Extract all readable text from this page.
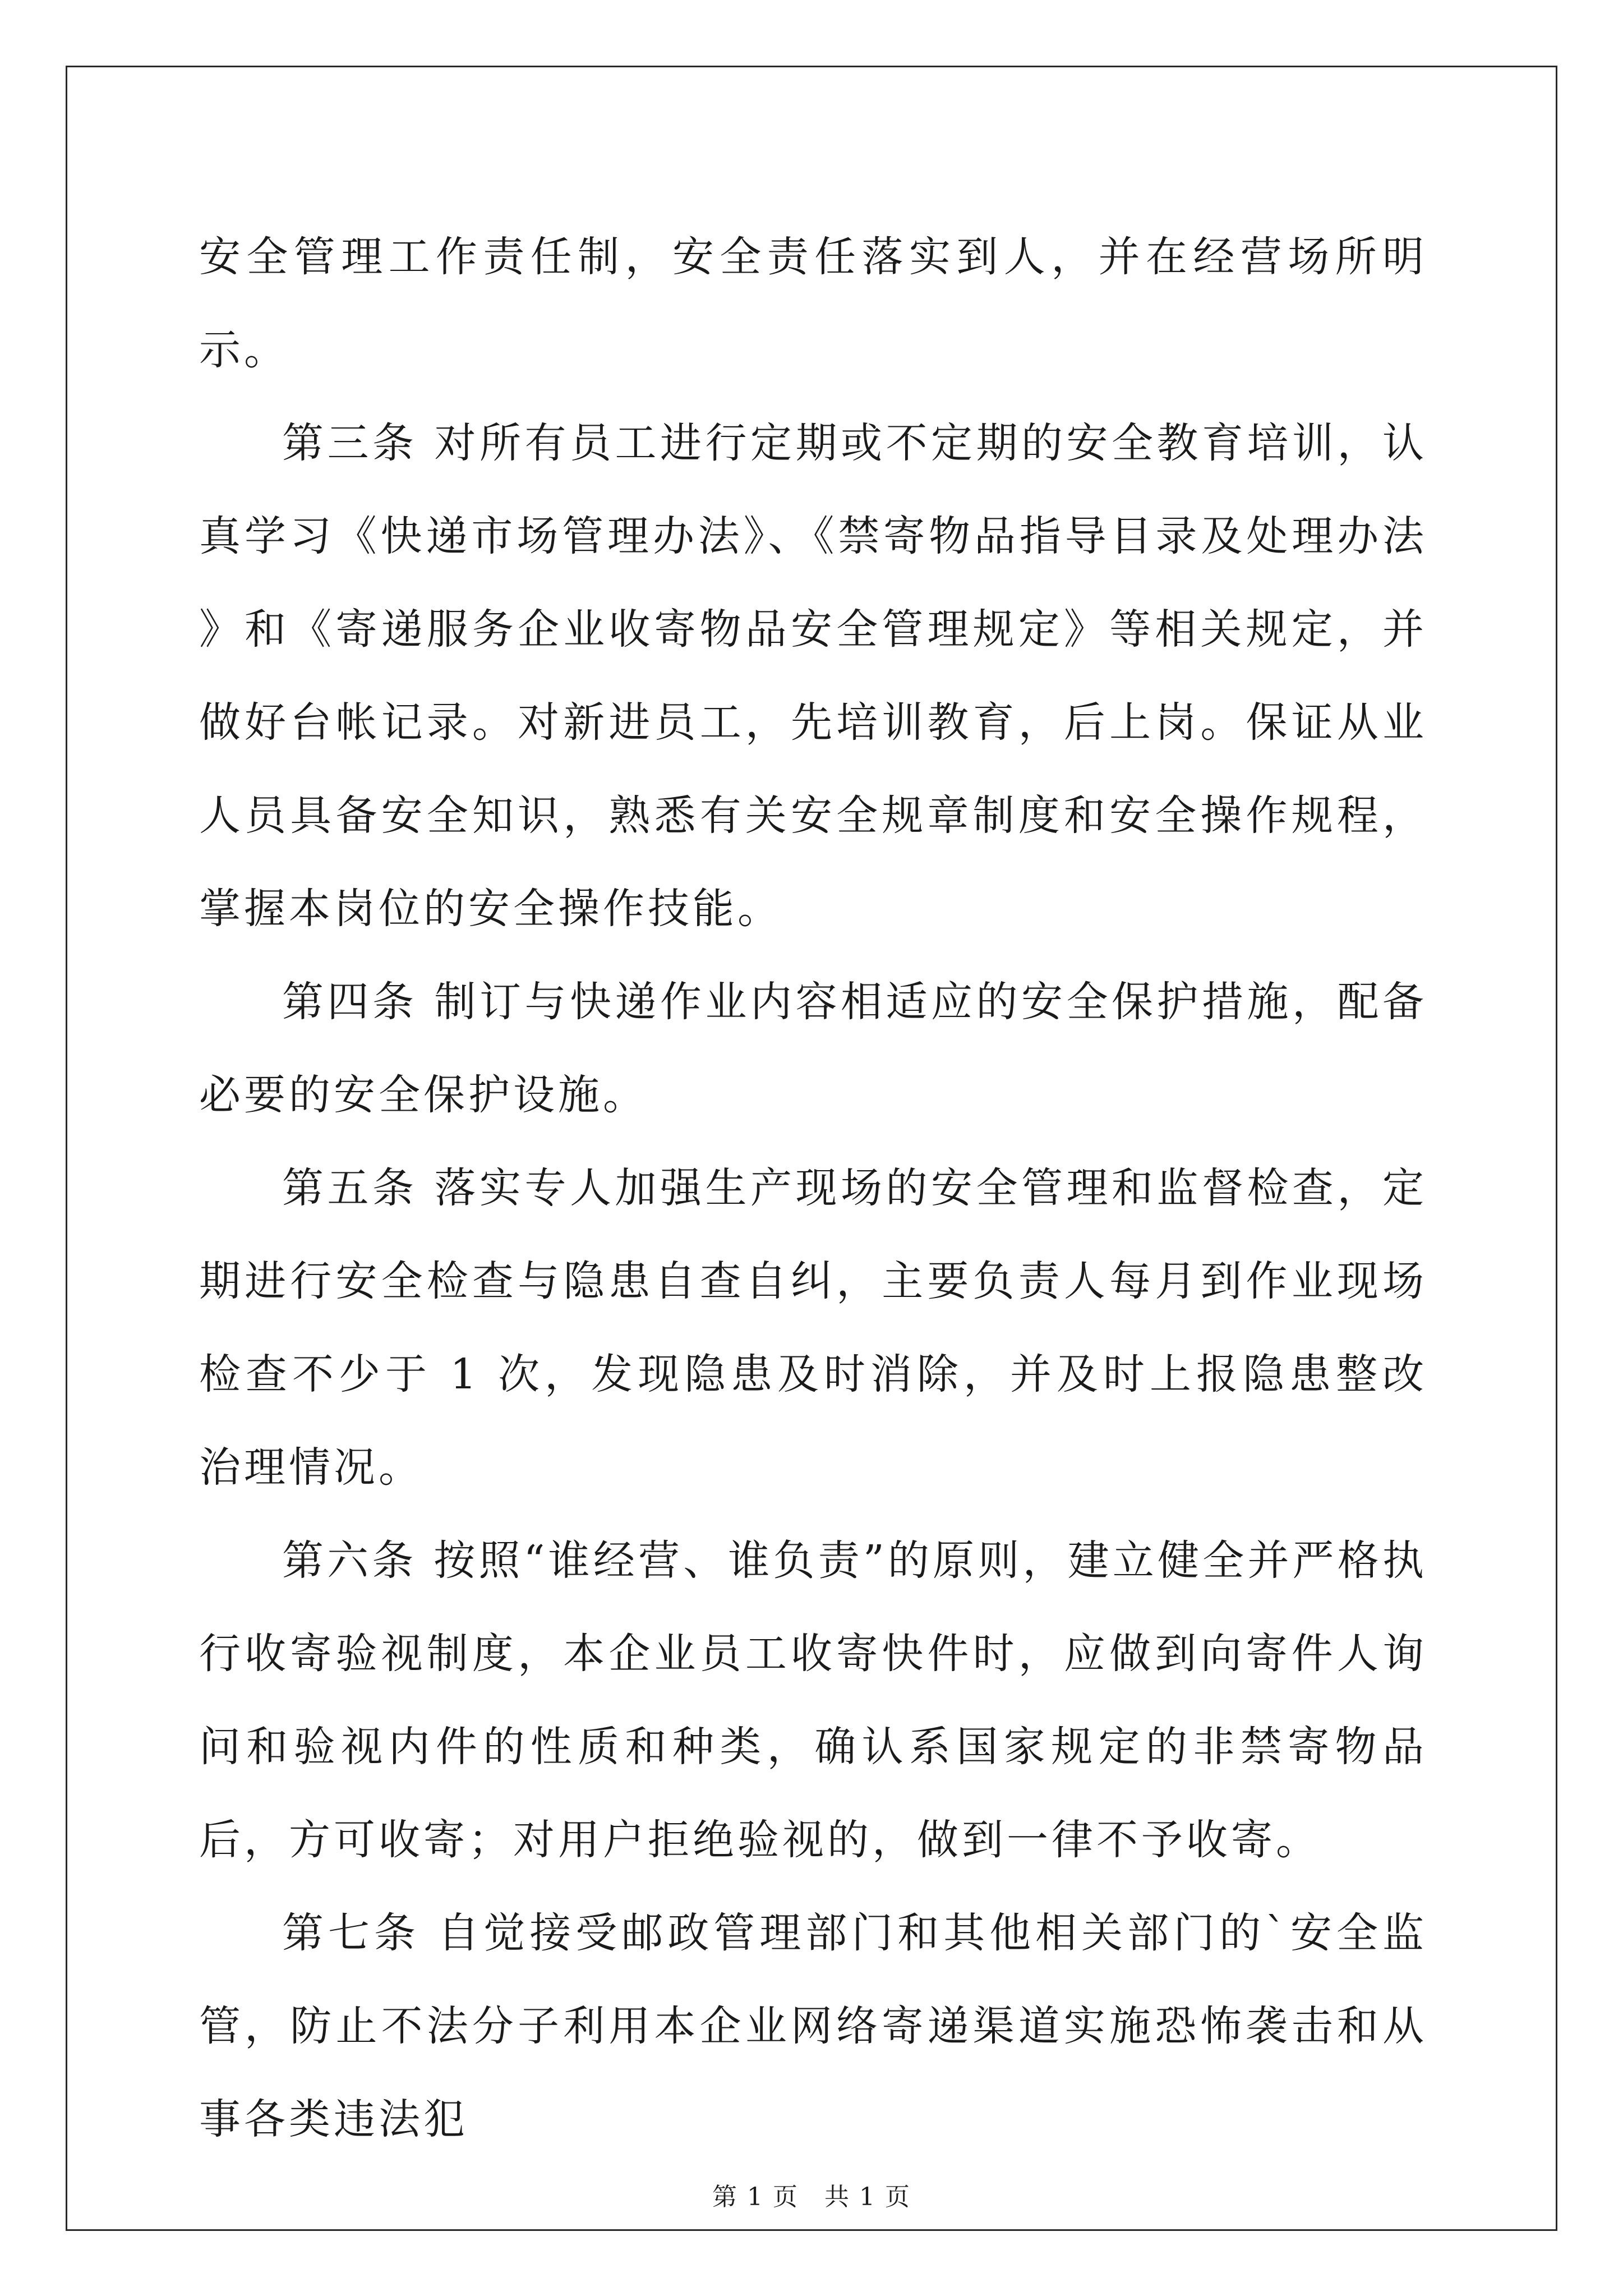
安全管理工作责任制，安全责任落实到人，并在经营场所明示。

第三条 对所有员工进行定期或不定期的安全教育培训，认真学习《快递市场管理办法》、《禁寄物品指导目录及处理办法 》和《寄递服务企业收寄物品安全管理规定》等相关规定，并做好台帐记录。对新进员工，先培训教育，后上岗。保证从业人员具备安全知识，熟悉有关安全规章制度和安全操作规程，掌握本岗位的安全操作技能。

第四条 制订与快递作业内容相适应的安全保护措施，配备必要的安全保护设施。

第五条 落实专人加强生产现场的安全管理和监督检查，定期进行安全检查与隐患自查自纠，主要负责人每月到作业现场检查不少于 1 次，发现隐患及时消除，并及时上报隐患整改治理情况。

第六条 按照“谁经营、谁负责”的原则，建立健全并严格执行收寄验视制度，本企业员工收寄快件时，应做到向寄件人询问和验视内件的性质和种类，确认系国家规定的非禁寄物品后，方可收寄；对用户拒绝验视的，做到一律不予收寄。

第七条 自觉接受邮政管理部门和其他相关部门的`安全监管，防止不法分子利用本企业网络寄递渠道实施恐怖袭击和从事各类违法犯

第 1 页　共 1 页
